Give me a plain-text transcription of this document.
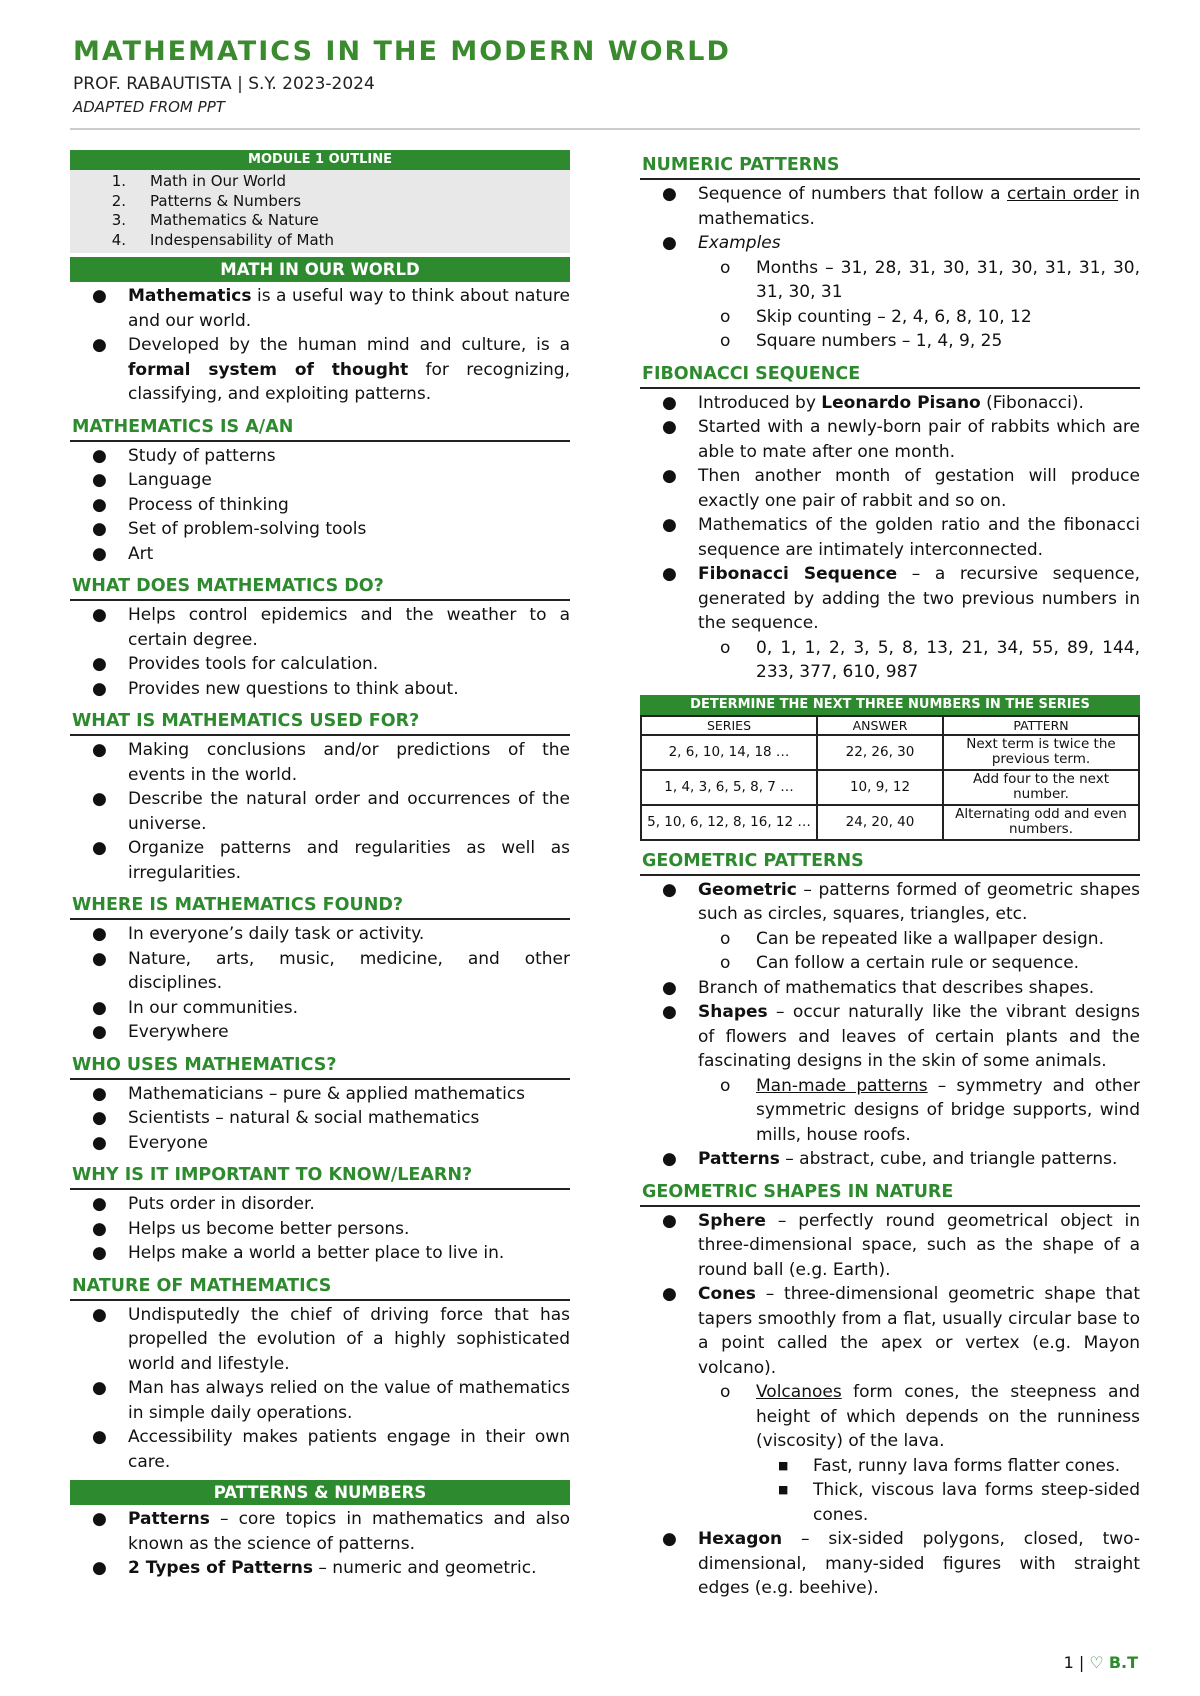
MATHEMATICS IN THE MODERN WORLD
PROF. RABAUTISTA | S.Y. 2023-2024
ADAPTED FROM PPT
MODULE 1 OUTLINE
1.	Math in Our World
2.	Patterns & Numbers
3.	Mathematics & Nature
4.	Indespensability of Math
MATH IN OUR WORLD
● Mathematics is a useful way to think about nature and our world.
● Developed by the human mind and culture, is a formal system of thought for recognizing, classifying, and exploiting patterns.
MATHEMATICS IS A/AN
● Study of patterns
● Language
● Process of thinking
● Set of problem-solving tools
● Art
WHAT DOES MATHEMATICS DO?
● Helps control epidemics and the weather to a certain degree.
● Provides tools for calculation.
● Provides new questions to think about.
WHAT IS MATHEMATICS USED FOR?
● Making conclusions and/or predictions of the events in the world.
● Describe the natural order and occurrences of the universe.
● Organize patterns and regularities as well as irregularities.
WHERE IS MATHEMATICS FOUND?
● In everyone’s daily task or activity.
● Nature, arts, music, medicine, and other disciplines.
● In our communities.
● Everywhere
WHO USES MATHEMATICS?
● Mathematicians – pure & applied mathematics
● Scientists – natural & social mathematics
● Everyone
WHY IS IT IMPORTANT TO KNOW/LEARN?
● Puts order in disorder.
● Helps us become better persons.
● Helps make a world a better place to live in.
NATURE OF MATHEMATICS
● Undisputedly the chief of driving force that has propelled the evolution of a highly sophisticated world and lifestyle.
● Man has always relied on the value of mathematics in simple daily operations.
● Accessibility makes patients engage in their own care.
PATTERNS & NUMBERS
● Patterns – core topics in mathematics and also known as the science of patterns.
● 2 Types of Patterns – numeric and geometric.
NUMERIC PATTERNS
● Sequence of numbers that follow a certain order in mathematics.
● Examples
o Months – 31, 28, 31, 30, 31, 30, 31, 31, 30, 31, 30, 31
o Skip counting – 2, 4, 6, 8, 10, 12
o Square numbers – 1, 4, 9, 25
FIBONACCI SEQUENCE
● Introduced by Leonardo Pisano (Fibonacci).
● Started with a newly-born pair of rabbits which are able to mate after one month.
● Then another month of gestation will produce exactly one pair of rabbit and so on.
● Mathematics of the golden ratio and the fibonacci sequence are intimately interconnected.
● Fibonacci Sequence – a recursive sequence, generated by adding the two previous numbers in the sequence.
o 0, 1, 1, 2, 3, 5, 8, 13, 21, 34, 55, 89, 144, 233, 377, 610, 987
DETERMINE THE NEXT THREE NUMBERS IN THE SERIES
SERIES	ANSWER	PATTERN
2, 6, 10, 14, 18 …	22, 26, 30	Next term is twice the previous term.
1, 4, 3, 6, 5, 8, 7 …	10, 9, 12	Add four to the next number.
5, 10, 6, 12, 8, 16, 12 …	24, 20, 40	Alternating odd and even numbers.
GEOMETRIC PATTERNS
● Geometric – patterns formed of geometric shapes such as circles, squares, triangles, etc.
o Can be repeated like a wallpaper design.
o Can follow a certain rule or sequence.
● Branch of mathematics that describes shapes.
● Shapes – occur naturally like the vibrant designs of flowers and leaves of certain plants and the fascinating designs in the skin of some animals.
o Man-made patterns – symmetry and other symmetric designs of bridge supports, wind mills, house roofs.
● Patterns – abstract, cube, and triangle patterns.
GEOMETRIC SHAPES IN NATURE
● Sphere – perfectly round geometrical object in three-dimensional space, such as the shape of a round ball (e.g. Earth).
● Cones – three-dimensional geometric shape that tapers smoothly from a flat, usually circular base to a point called the apex or vertex (e.g. Mayon volcano).
o Volcanoes form cones, the steepness and height of which depends on the runniness (viscosity) of the lava.
■ Fast, runny lava forms flatter cones.
■ Thick, viscous lava forms steep-sided cones.
● Hexagon – six-sided polygons, closed, two-dimensional, many-sided figures with straight edges (e.g. beehive).
1 | ♡ B.T
